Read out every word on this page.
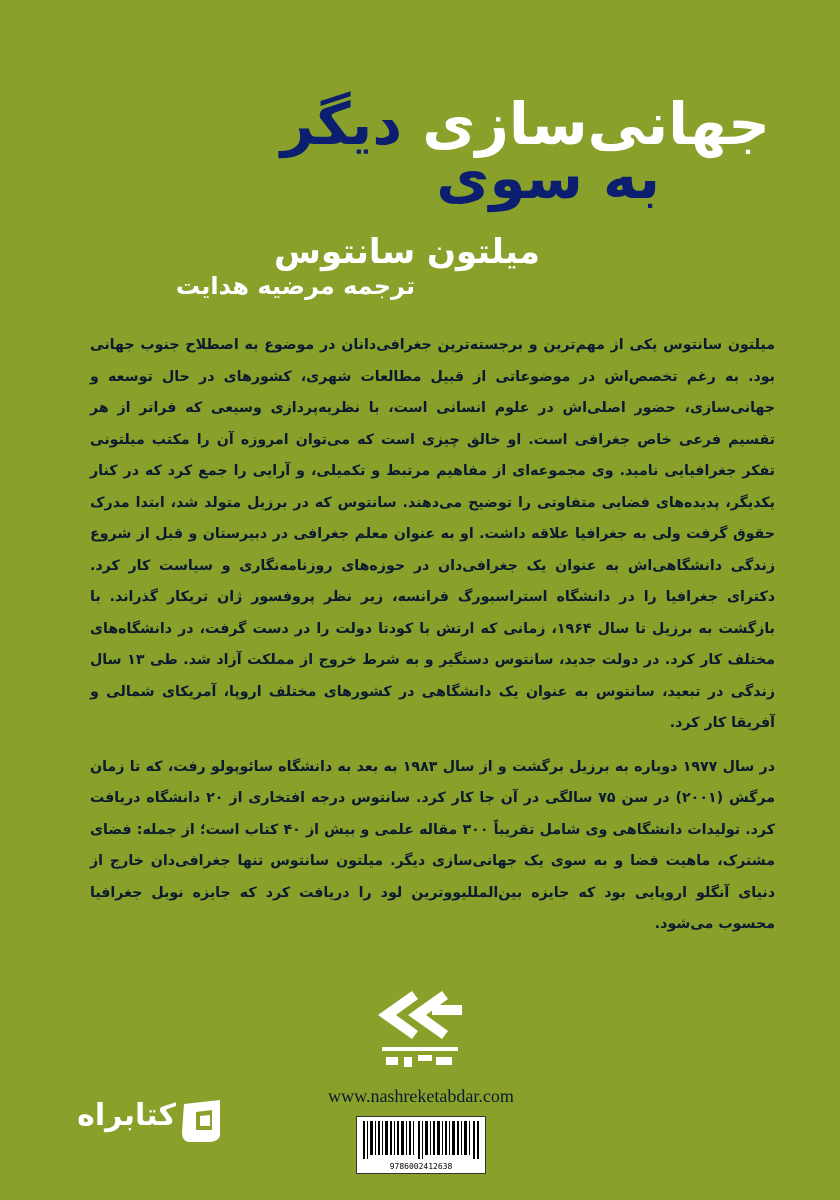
جهانی‌سازی دیگر
به سوی
میلتون سانتوس
ترجمه مرضیه هدایت

میلتون سانتوس یکی از مهم‌ترین و برجسته‌ترین جغرافی‌دانان در موضوع به اصطلاح جنوب جهانی بود. به رغم تخصص‌اش در موضوعاتی از قبیل مطالعات شهری، کشورهای در حال توسعه و جهانی‌سازی، حضور اصلی‌اش در علوم انسانی است، با نظریه‌پردازی وسیعی که فراتر از هر تقسیم فرعی خاص جغرافی است. او خالق چیزی است که می‌توان امروزه آن را مکتب میلتونی تفکر جغرافیایی نامید. وی مجموعه‌ای از مفاهیم مرتبط و تکمیلی، و آرایی را جمع کرد که در کنار یکدیگر، پدیده‌های فضایی متفاوتی را توضیح می‌دهند. سانتوس که در برزیل متولد شد، ابتدا مدرک حقوق گرفت ولی به جغرافیا علاقه داشت. او به عنوان معلم جغرافی در دبیرستان و قبل از شروع زندگی دانشگاهی‌اش به عنوان یک جغرافی‌دان در حوزه‌های روزنامه‌نگاری و سیاست کار کرد. دکترای جغرافیا را در دانشگاه استراسبورگ فرانسه، زیر نظر پروفسور ژان تریکار گذراند. با بازگشت به برزیل تا سال ۱۹۶۴، زمانی که ارتش با کودتا دولت را در دست گرفت، در دانشگاه‌های مختلف کار کرد. در دولت جدید، سانتوس دستگیر و به شرط خروج از مملکت آزاد شد. طی ۱۳ سال زندگی در تبعید، سانتوس به عنوان یک دانشگاهی در کشورهای مختلف اروپا، آمریکای شمالی و آفریقا کار کرد.

در سال ۱۹۷۷ دوباره به برزیل برگشت و از سال ۱۹۸۳ به بعد به دانشگاه سائوپولو رفت، که تا زمان مرگش (۲۰۰۱) در سن ۷۵ سالگی در آن جا کار کرد. سانتوس درجه افتخاری از ۲۰ دانشگاه دریافت کرد. تولیدات دانشگاهی وی شامل تقریباً ۳۰۰ مقاله علمی و بیش از ۴۰ کتاب است؛ از جمله: فضای مشترک، ماهیت فضا و به سوی یک جهانی‌سازی دیگر. میلتون سانتوس تنها جغرافی‌دان خارج از دنیای آنگلو اروپایی بود که جایزه بین‌المللیووترین لود را دریافت کرد که جایزه نوبل جغرافیا محسوب می‌شود.

www.nashreketabdar.com
9786002412638
کتابراه
